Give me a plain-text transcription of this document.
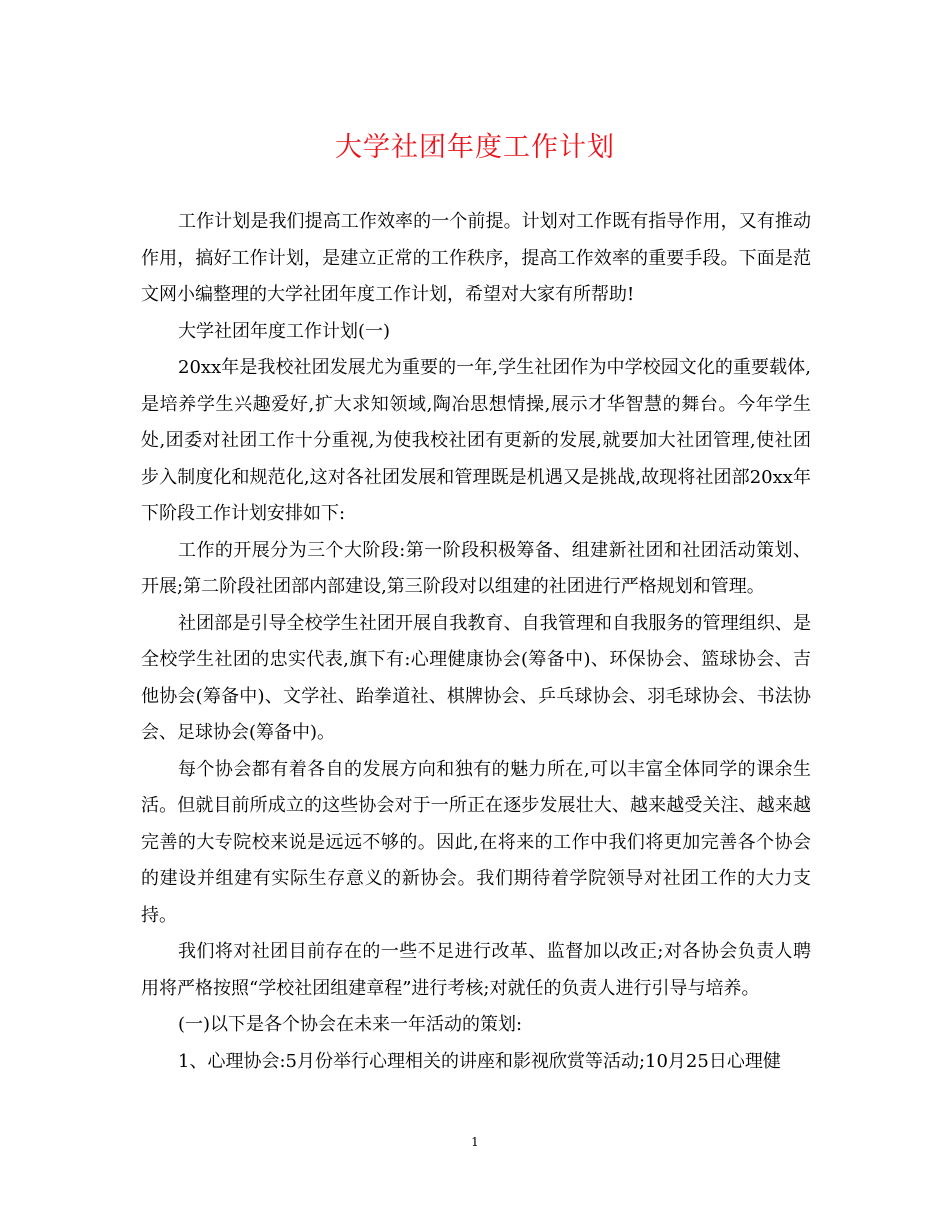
大学社团年度工作计划

工作计划是我们提高工作效率的一个前提。计划对工作既有指导作用，又有推动作用，搞好工作计划，是建立正常的工作秩序，提高工作效率的重要手段。下面是范文网小编整理的大学社团年度工作计划，希望对大家有所帮助!

大学社团年度工作计划(一)

20xx年是我校社团发展尤为重要的一年,学生社团作为中学校园文化的重要载体,是培养学生兴趣爱好,扩大求知领域,陶冶思想情操,展示才华智慧的舞台。今年学生处,团委对社团工作十分重视,为使我校社团有更新的发展,就要加大社团管理,使社团步入制度化和规范化,这对各社团发展和管理既是机遇又是挑战,故现将社团部20xx年下阶段工作计划安排如下:

工作的开展分为三个大阶段:第一阶段积极筹备、组建新社团和社团活动策划、开展;第二阶段社团部内部建设,第三阶段对以组建的社团进行严格规划和管理。

社团部是引导全校学生社团开展自我教育、自我管理和自我服务的管理组织、是全校学生社团的忠实代表,旗下有:心理健康协会(筹备中)、环保协会、篮球协会、吉他协会(筹备中)、文学社、跆拳道社、棋牌协会、乒乓球协会、羽毛球协会、书法协会、足球协会(筹备中)。

每个协会都有着各自的发展方向和独有的魅力所在,可以丰富全体同学的课余生活。但就目前所成立的这些协会对于一所正在逐步发展壮大、越来越受关注、越来越完善的大专院校来说是远远不够的。因此,在将来的工作中我们将更加完善各个协会的建设并组建有实际生存意义的新协会。我们期待着学院领导对社团工作的大力支持。

我们将对社团目前存在的一些不足进行改革、监督加以改正;对各协会负责人聘用将严格按照“学校社团组建章程”进行考核;对就任的负责人进行引导与培养。

(一)以下是各个协会在未来一年活动的策划:

1、心理协会:5月份举行心理相关的讲座和影视欣赏等活动;10月25日心理健

1
